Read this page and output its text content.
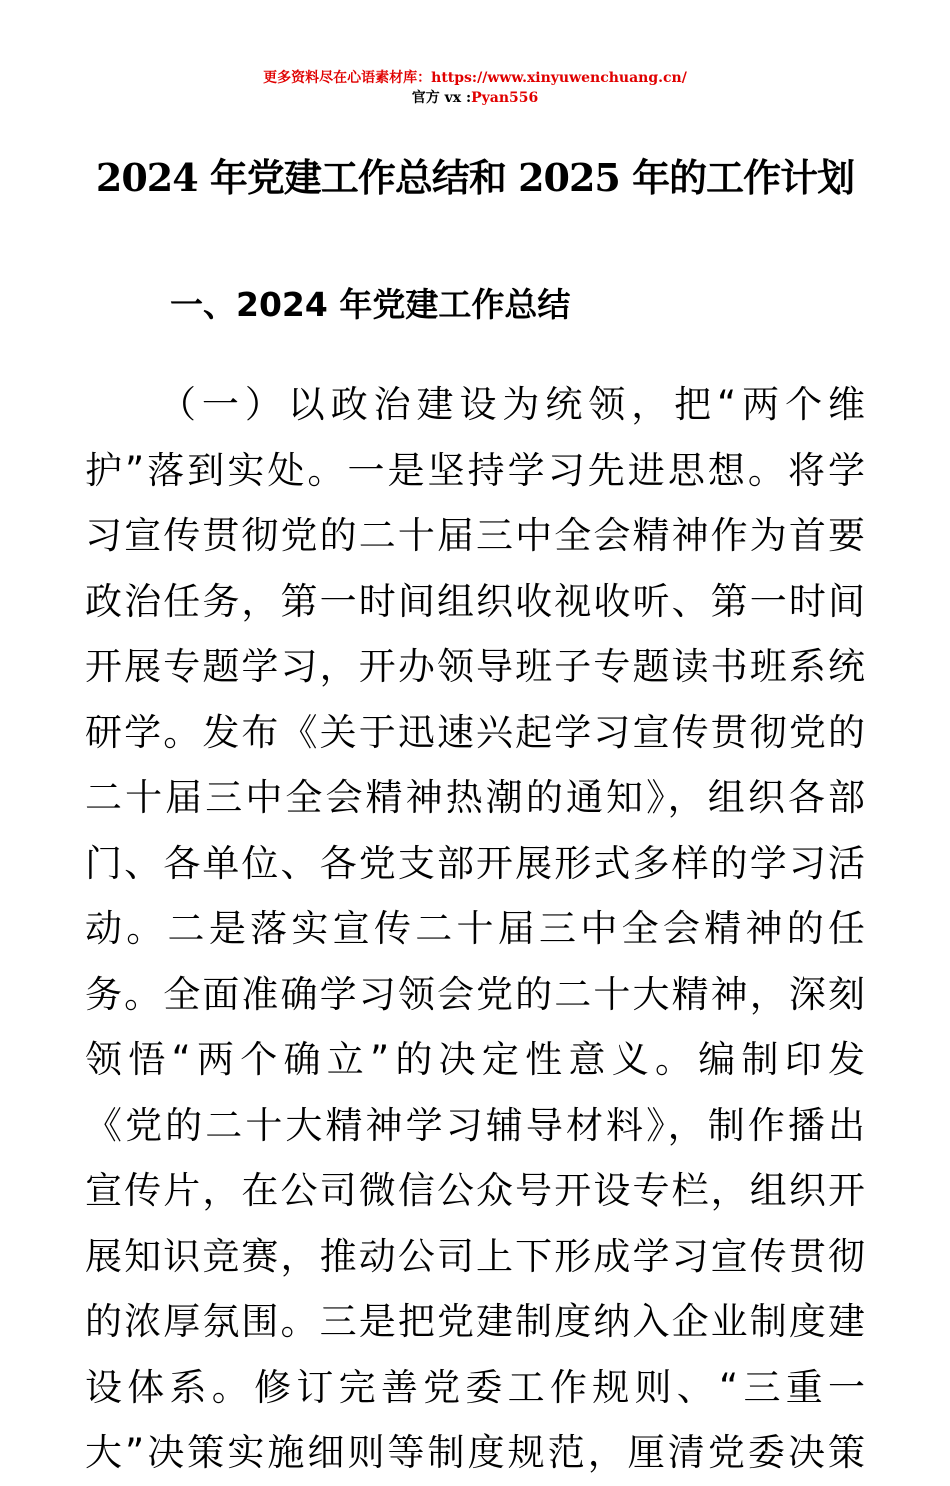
更多资料尽在心语素材库：https://www.xinyuwenchuang.cn/
官方 vx :Pyan556
2024 年党建工作总结和 2025 年的工作计划
一、2024 年党建工作总结
（一）以政治建设为统领，把“两个维
护”落到实处。一是坚持学习先进思想。将学
习宣传贯彻党的二十届三中全会精神作为首要
政治任务，第一时间组织收视收听、第一时间
开展专题学习，开办领导班子专题读书班系统
研学。发布《关于迅速兴起学习宣传贯彻党的
二十届三中全会精神热潮的通知》，组织各部
门、各单位、各党支部开展形式多样的学习活
动。二是落实宣传二十届三中全会精神的任
务。全面准确学习领会党的二十大精神，深刻
领悟“两个确立”的决定性意义。编制印发
《党的二十大精神学习辅导材料》，制作播出
宣传片，在公司微信公众号开设专栏，组织开
展知识竞赛，推动公司上下形成学习宣传贯彻
的浓厚氛围。三是把党建制度纳入企业制度建
设体系。修订完善党委工作规则、“三重一
大”决策实施细则等制度规范，厘清党委决策
